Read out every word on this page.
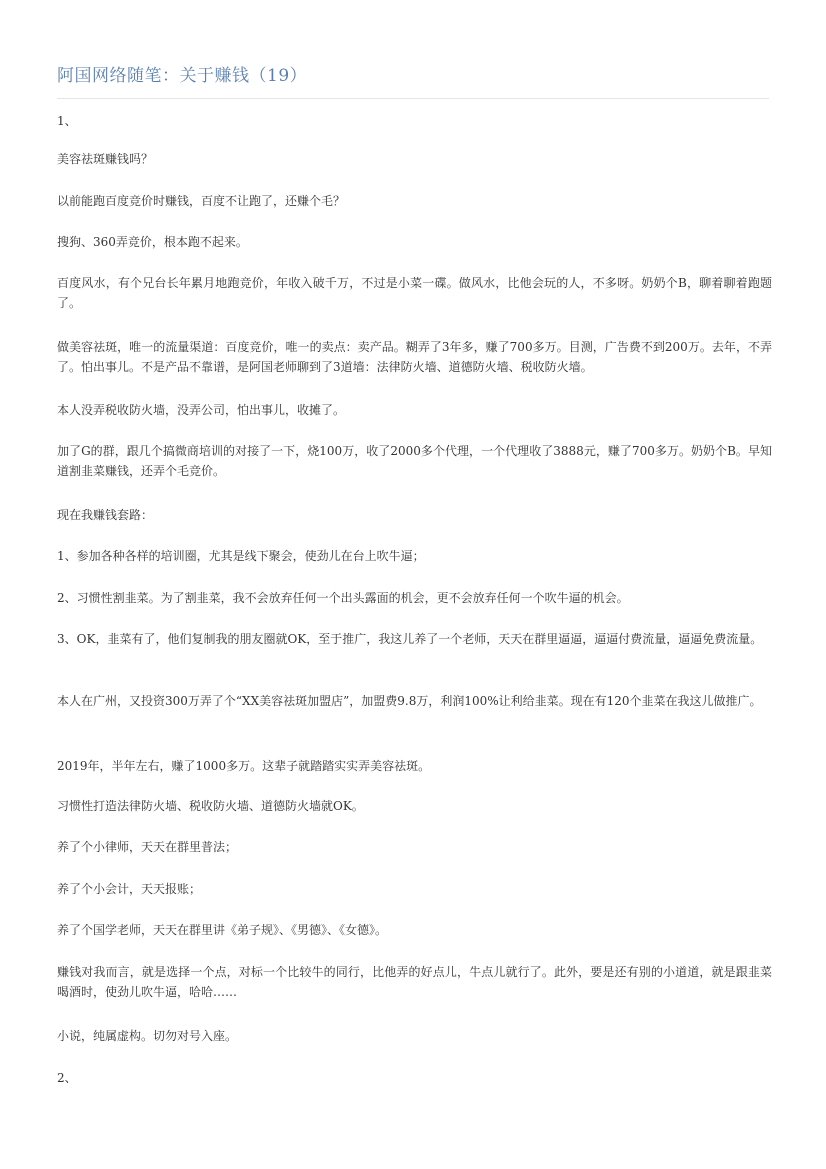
阿国网络随笔：关于赚钱（19）
1、
美容祛斑赚钱吗？
以前能跑百度竞价时赚钱，百度不让跑了，还赚个毛？
搜狗、360弄竞价，根本跑不起来。
百度风水，有个兄台长年累月地跑竞价，年收入破千万，不过是小菜一碟。做风水，比他会玩的人，不多呀。奶奶个B，聊着聊着跑题了。
做美容祛斑，唯一的流量渠道：百度竞价，唯一的卖点：卖产品。糊弄了3年多，赚了700多万。目测，广告费不到200万。去年，不弄了。怕出事儿。不是产品不靠谱，是阿国老师聊到了3道墙：法律防火墙、道德防火墙、税收防火墙。
本人没弄税收防火墙，没弄公司，怕出事儿，收摊了。
加了G的群，跟几个搞微商培训的对接了一下，烧100万，收了2000多个代理，一个代理收了3888元，赚了700多万。奶奶个B。早知道割韭菜赚钱，还弄个毛竞价。
现在我赚钱套路：
1、参加各种各样的培训圈，尤其是线下聚会，使劲儿在台上吹牛逼；
2、习惯性割韭菜。为了割韭菜，我不会放弃任何一个出头露面的机会，更不会放弃任何一个吹牛逼的机会。
3、OK，韭菜有了，他们复制我的朋友圈就OK，至于推广，我这儿养了一个老师，天天在群里逼逼，逼逼付费流量，逼逼免费流量。
本人在广州，又投资300万弄了个“XX美容祛斑加盟店”，加盟费9.8万，利润100%让利给韭菜。现在有120个韭菜在我这儿做推广。
2019年，半年左右，赚了1000多万。这辈子就踏踏实实弄美容祛斑。
习惯性打造法律防火墙、税收防火墙、道德防火墙就OK。
养了个小律师，天天在群里普法；
养了个小会计，天天报账；
养了个国学老师，天天在群里讲《弟子规》、《男德》、《女德》。
赚钱对我而言，就是选择一个点，对标一个比较牛的同行，比他弄的好点儿，牛点儿就行了。此外，要是还有别的小道道，就是跟韭菜喝酒时，使劲儿吹牛逼，哈哈……
小说，纯属虚构。切勿对号入座。
2、
